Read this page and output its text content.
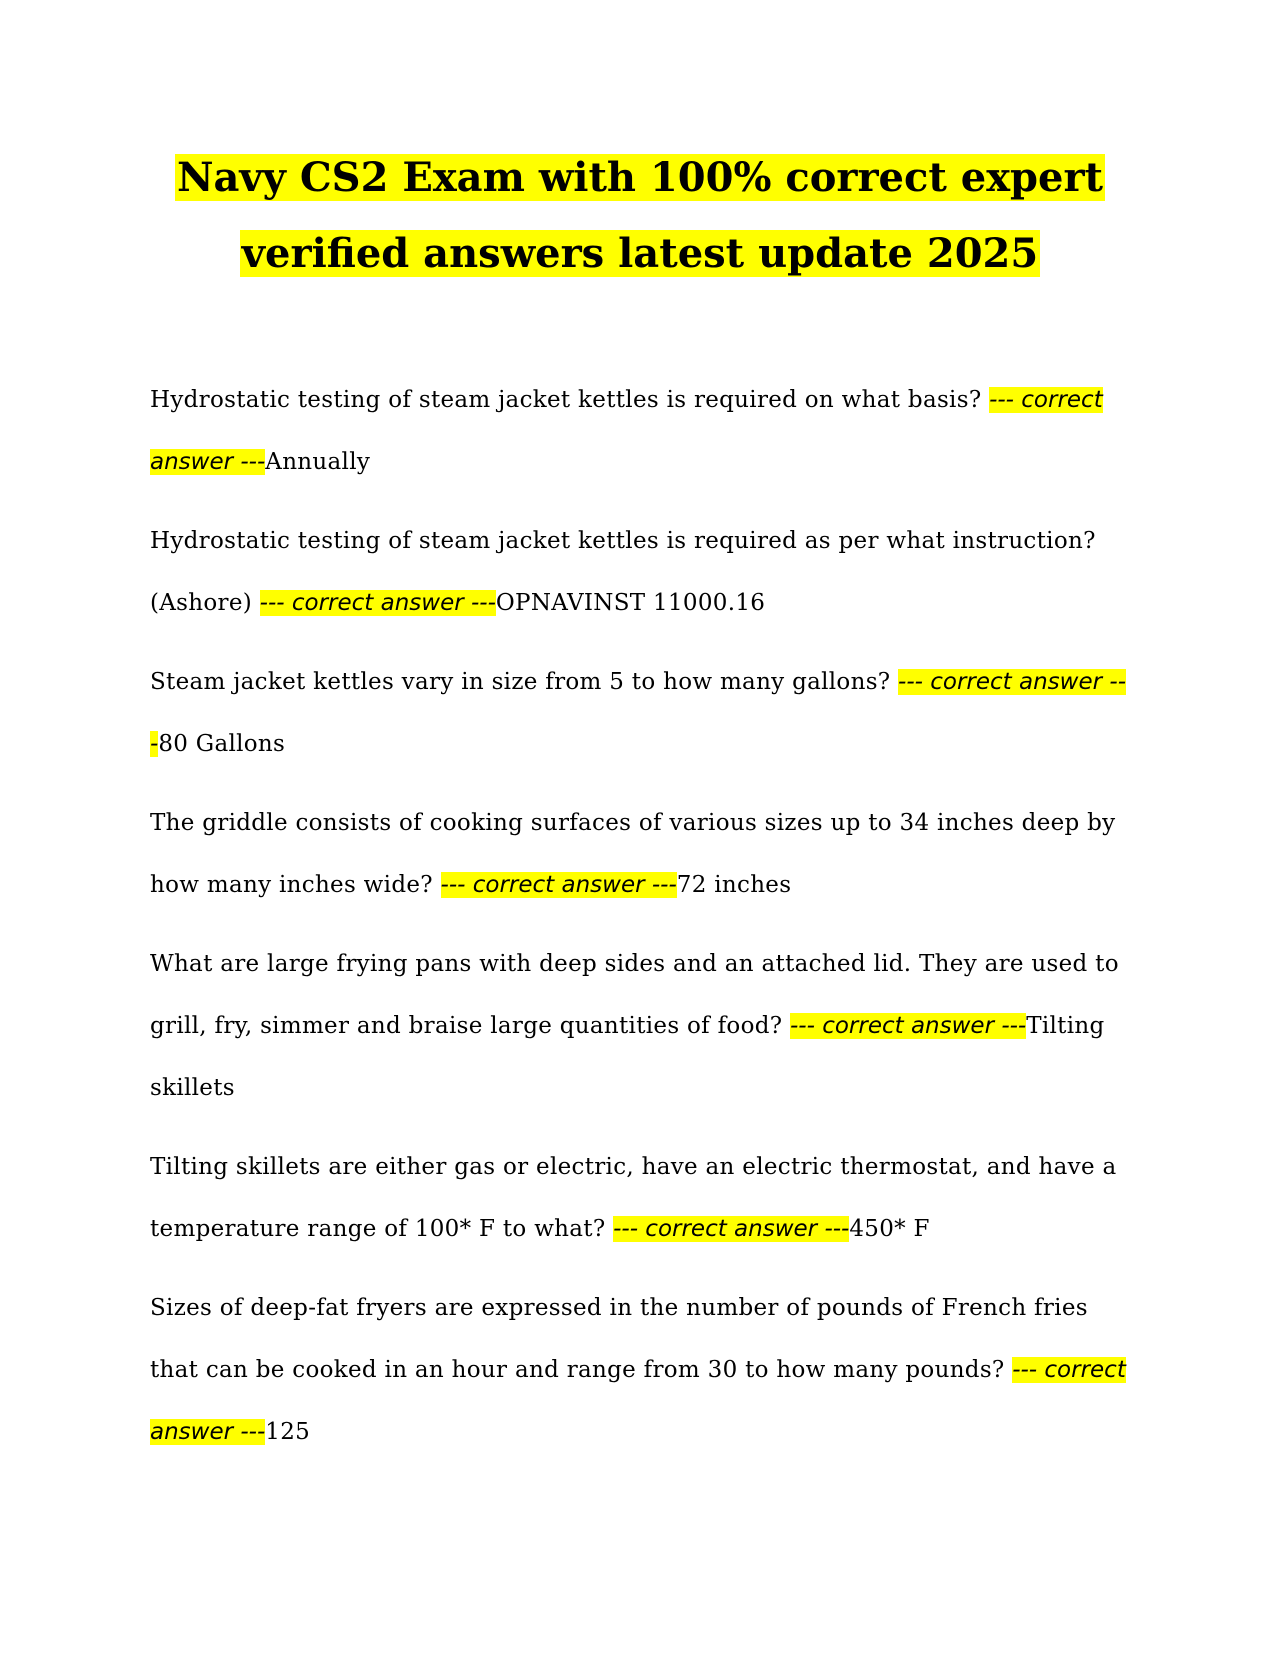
Navy CS2 Exam with 100% correct expert
verified answers latest update 2025

Hydrostatic testing of steam jacket kettles is required on what basis? --- correct answer ---Annually

Hydrostatic testing of steam jacket kettles is required as per what instruction? (Ashore) --- correct answer ---OPNAVINST 11000.16

Steam jacket kettles vary in size from 5 to how many gallons? --- correct answer ---80 Gallons

The griddle consists of cooking surfaces of various sizes up to 34 inches deep by how many inches wide? --- correct answer ---72 inches

What are large frying pans with deep sides and an attached lid. They are used to grill, fry, simmer and braise large quantities of food? --- correct answer ---Tilting skillets

Tilting skillets are either gas or electric, have an electric thermostat, and have a temperature range of 100* F to what? --- correct answer ---450* F

Sizes of deep-fat fryers are expressed in the number of pounds of French fries that can be cooked in an hour and range from 30 to how many pounds? --- correct answer ---125
